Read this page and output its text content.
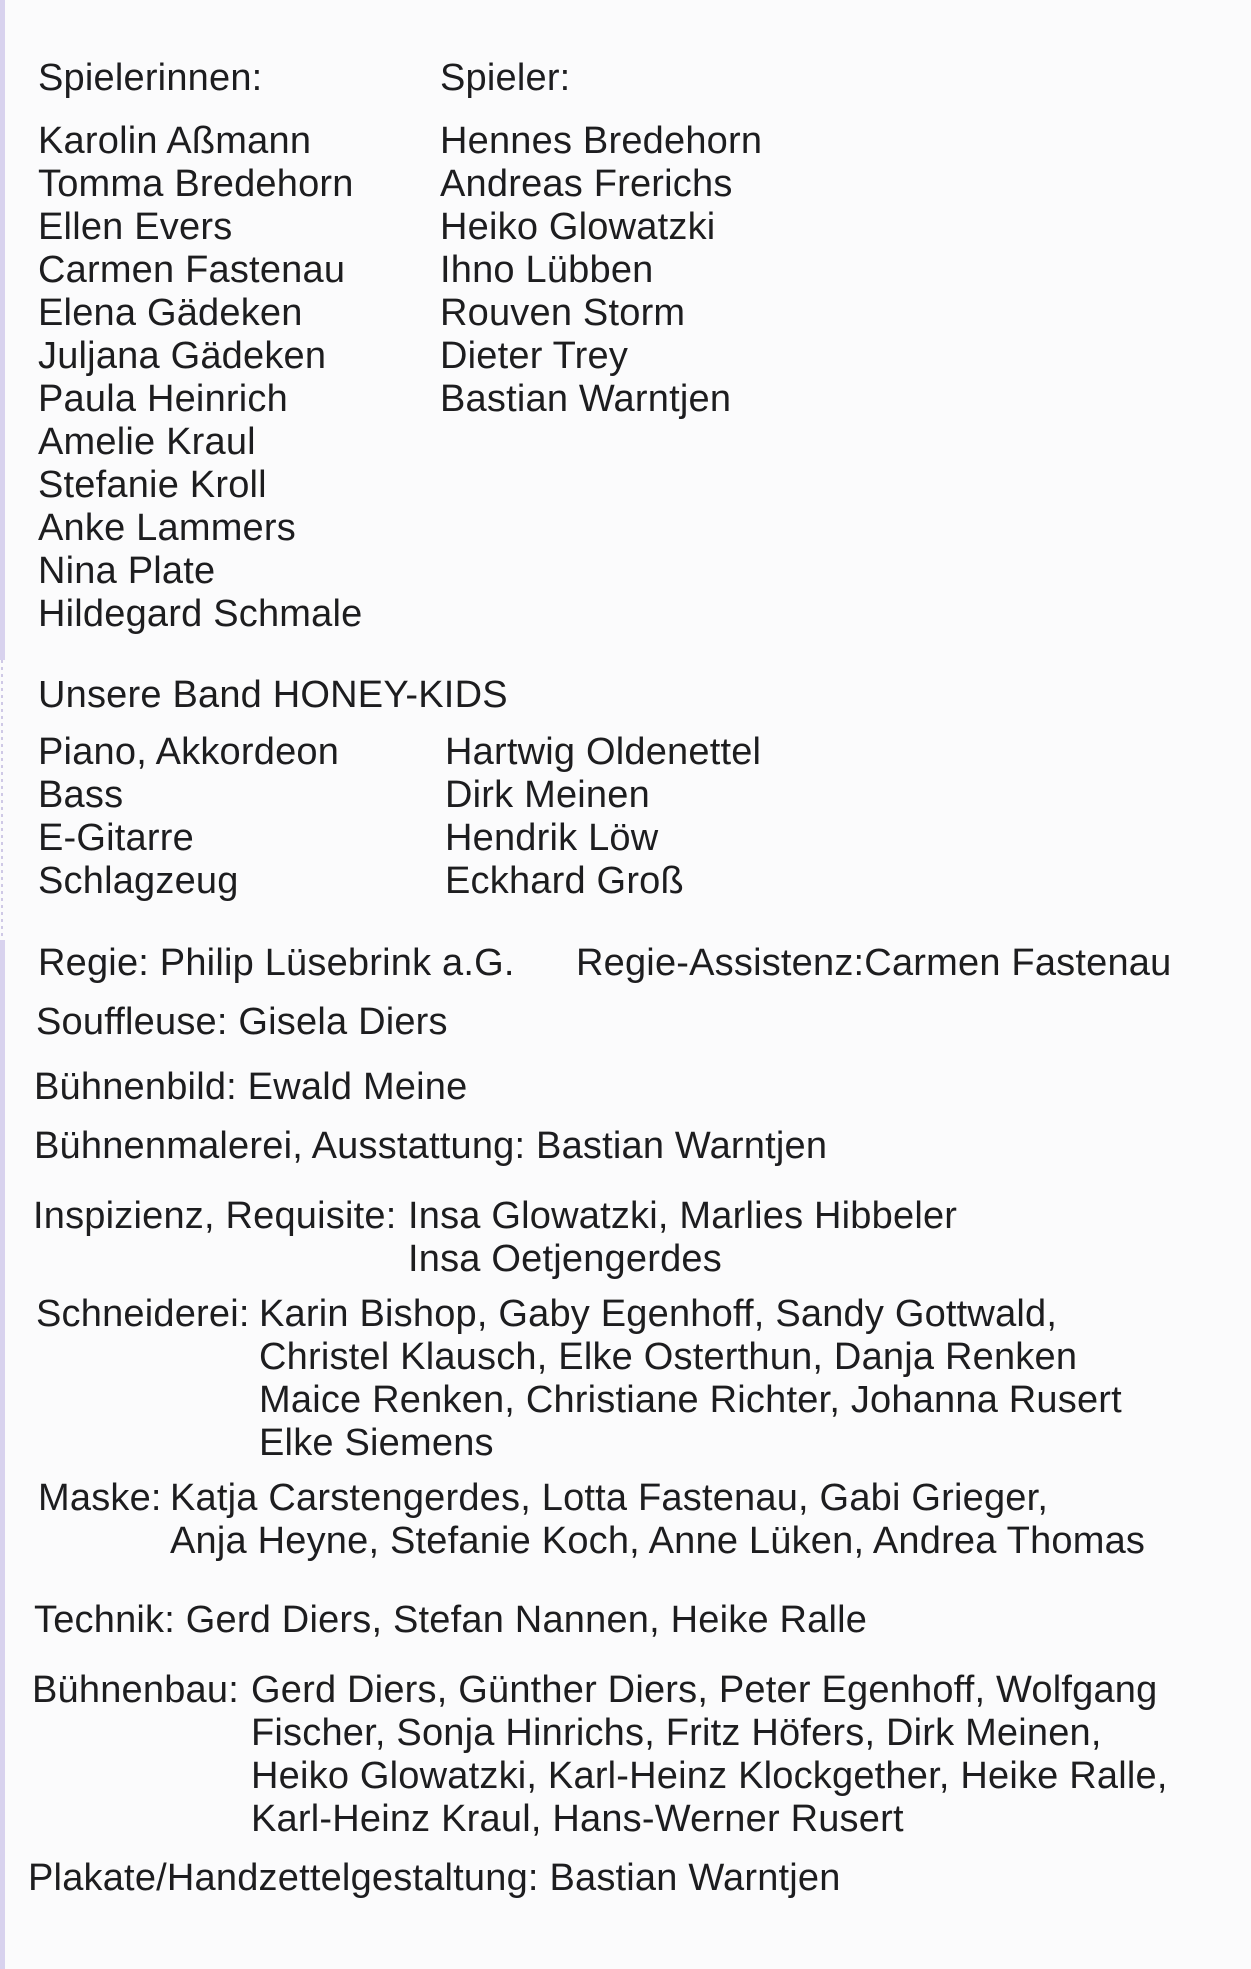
Spielerinnen:	Spieler:
Karolin Aßmann
Tomma Bredehorn
Ellen Evers
Carmen Fastenau
Elena Gädeken
Juljana Gädeken
Paula Heinrich
Amelie Kraul
Stefanie Kroll
Anke Lammers
Nina Plate
Hildegard Schmale
Hennes Bredehorn
Andreas Frerichs
Heiko Glowatzki
Ihno Lübben
Rouven Storm
Dieter Trey
Bastian Warntjen
Unsere Band HONEY-KIDS
Piano, Akkordeon
Bass
E-Gitarre
Schlagzeug
Hartwig Oldenettel
Dirk Meinen
Hendrik Löw
Eckhard Groß
Regie: Philip Lüsebrink a.G. Regie-Assistenz:Carmen Fastenau
Souffleuse: Gisela Diers
Bühnenbild: Ewald Meine
Bühnenmalerei, Ausstattung: Bastian Warntjen
Inspizienz, Requisite: Insa Glowatzki, Marlies Hibbeler
Insa Oetjengerdes
Schneiderei: Karin Bishop, Gaby Egenhoff, Sandy Gottwald,
Christel Klausch, Elke Osterthun, Danja Renken
Maice Renken, Christiane Richter, Johanna Rusert
Elke Siemens
Maske: Katja Carstengerdes, Lotta Fastenau, Gabi Grieger,
Anja Heyne, Stefanie Koch, Anne Lüken, Andrea Thomas
Technik: Gerd Diers, Stefan Nannen, Heike Ralle
Bühnenbau: Gerd Diers, Günther Diers, Peter Egenhoff, Wolfgang
Fischer, Sonja Hinrichs, Fritz Höfers, Dirk Meinen,
Heiko Glowatzki, Karl-Heinz Klockgether, Heike Ralle,
Karl-Heinz Kraul, Hans-Werner Rusert
Plakate/Handzettelgestaltung: Bastian Warntjen
